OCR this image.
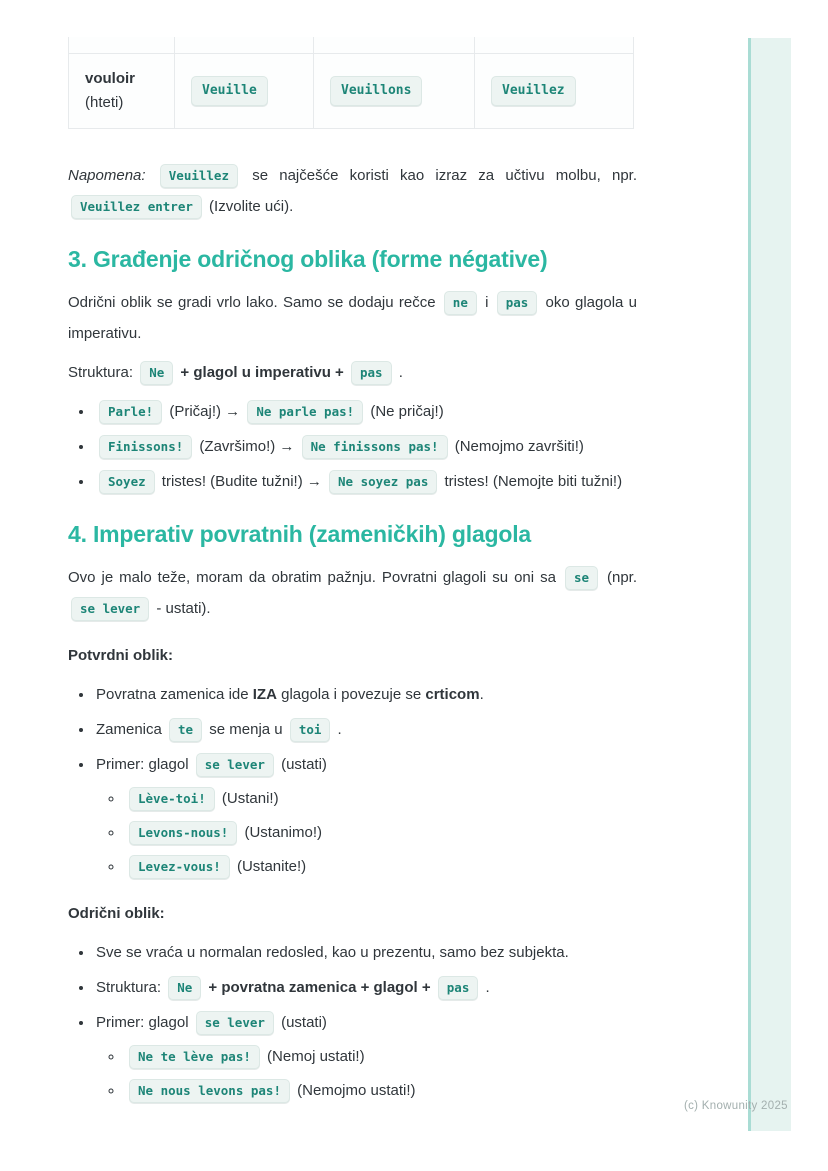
(c) Knowunity 2025

vouloir
(hteti)	Veuille	Veuillons	Veuillez

Napomena: Veuillez se najčešće koristi kao izraz za učtivu molbu, npr. Veuillez entrer (Izvolite ući).

3. Građenje odričnog oblika (forme négative)

Odrični oblik se gradi vrlo lako. Samo se dodaju rečce ne i pas oko glagola u imperativu.

Struktura: Ne + glagol u imperativu + pas .

• Parle! (Pričaj!) → Ne parle pas! (Ne pričaj!)
• Finissons! (Završimo!) → Ne finissons pas! (Nemojmo završiti!)
• Soyez tristes! (Budite tužni!) → Ne soyez pas tristes! (Nemojte biti tužni!)
4. Imperativ povratnih (zameničkih) glagola

Ovo je malo teže, moram da obratim pažnju. Povratni glagoli su oni sa se (npr. se lever - ustati).

Potvrdni oblik:

• Povratna zamenica ide IZA glagola i povezuje se crticom.
• Zamenica te se menja u toi .
• Primer: glagol se lever (ustati)
◦ Lève-toi! (Ustani!)
◦ Levons-nous! (Ustanimo!)
◦ Levez-vous! (Ustanite!)

Odrični oblik:

• Sve se vraća u normalan redosled, kao u prezentu, samo bez subjekta.
• Struktura: Ne + povratna zamenica + glagol + pas .
• Primer: glagol se lever (ustati)
◦ Ne te lève pas! (Nemoj ustati!)
◦ Ne nous levons pas! (Nemojmo ustati!)
